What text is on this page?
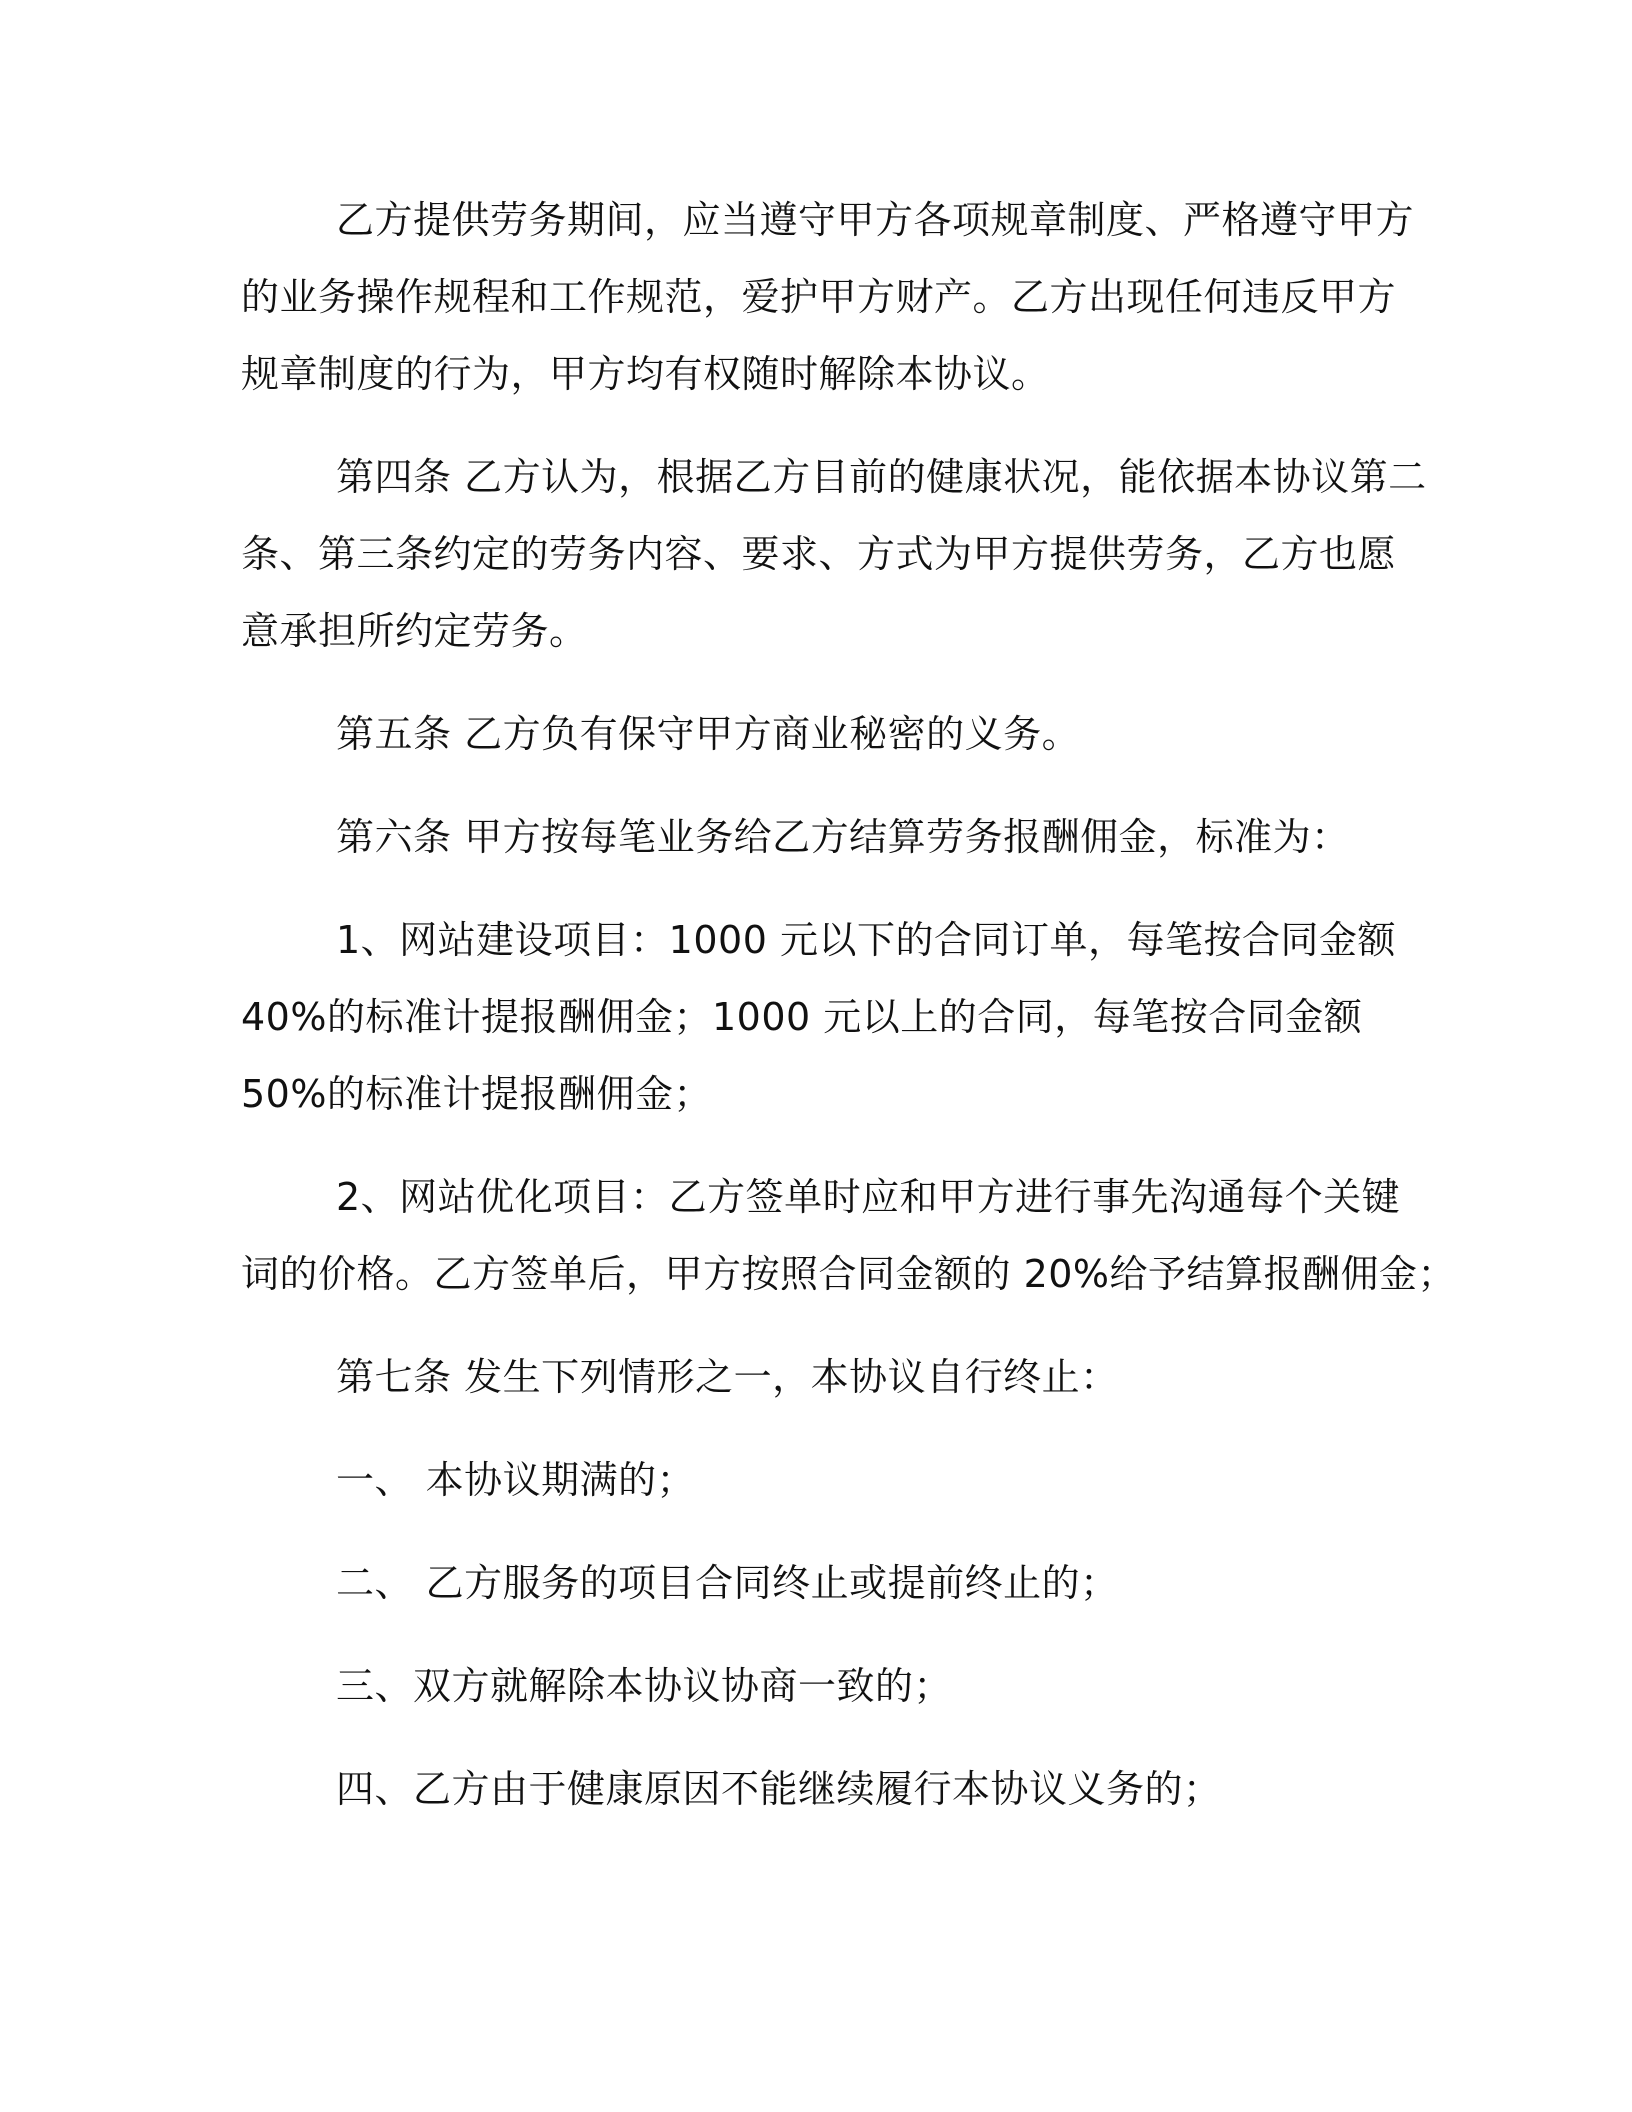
乙方提供劳务期间，应当遵守甲方各项规章制度、严格遵守甲方
的业务操作规程和工作规范，爱护甲方财产。乙方出现任何违反甲方
规章制度的行为，甲方均有权随时解除本协议。
第四条 乙方认为，根据乙方目前的健康状况，能依据本协议第二
条、第三条约定的劳务内容、要求、方式为甲方提供劳务，乙方也愿
意承担所约定劳务。
第五条 乙方负有保守甲方商业秘密的义务。
第六条 甲方按每笔业务给乙方结算劳务报酬佣金，标准为：
1、网站建设项目：1000 元以下的合同订单，每笔按合同金额
40%的标准计提报酬佣金；1000 元以上的合同，每笔按合同金额
50%的标准计提报酬佣金；
2、网站优化项目：乙方签单时应和甲方进行事先沟通每个关键
词的价格。乙方签单后，甲方按照合同金额的 20%给予结算报酬佣金；
第七条 发生下列情形之一，本协议自行终止：
一、 本协议期满的；
二、 乙方服务的项目合同终止或提前终止的；
三、双方就解除本协议协商一致的；
四、乙方由于健康原因不能继续履行本协议义务的；
